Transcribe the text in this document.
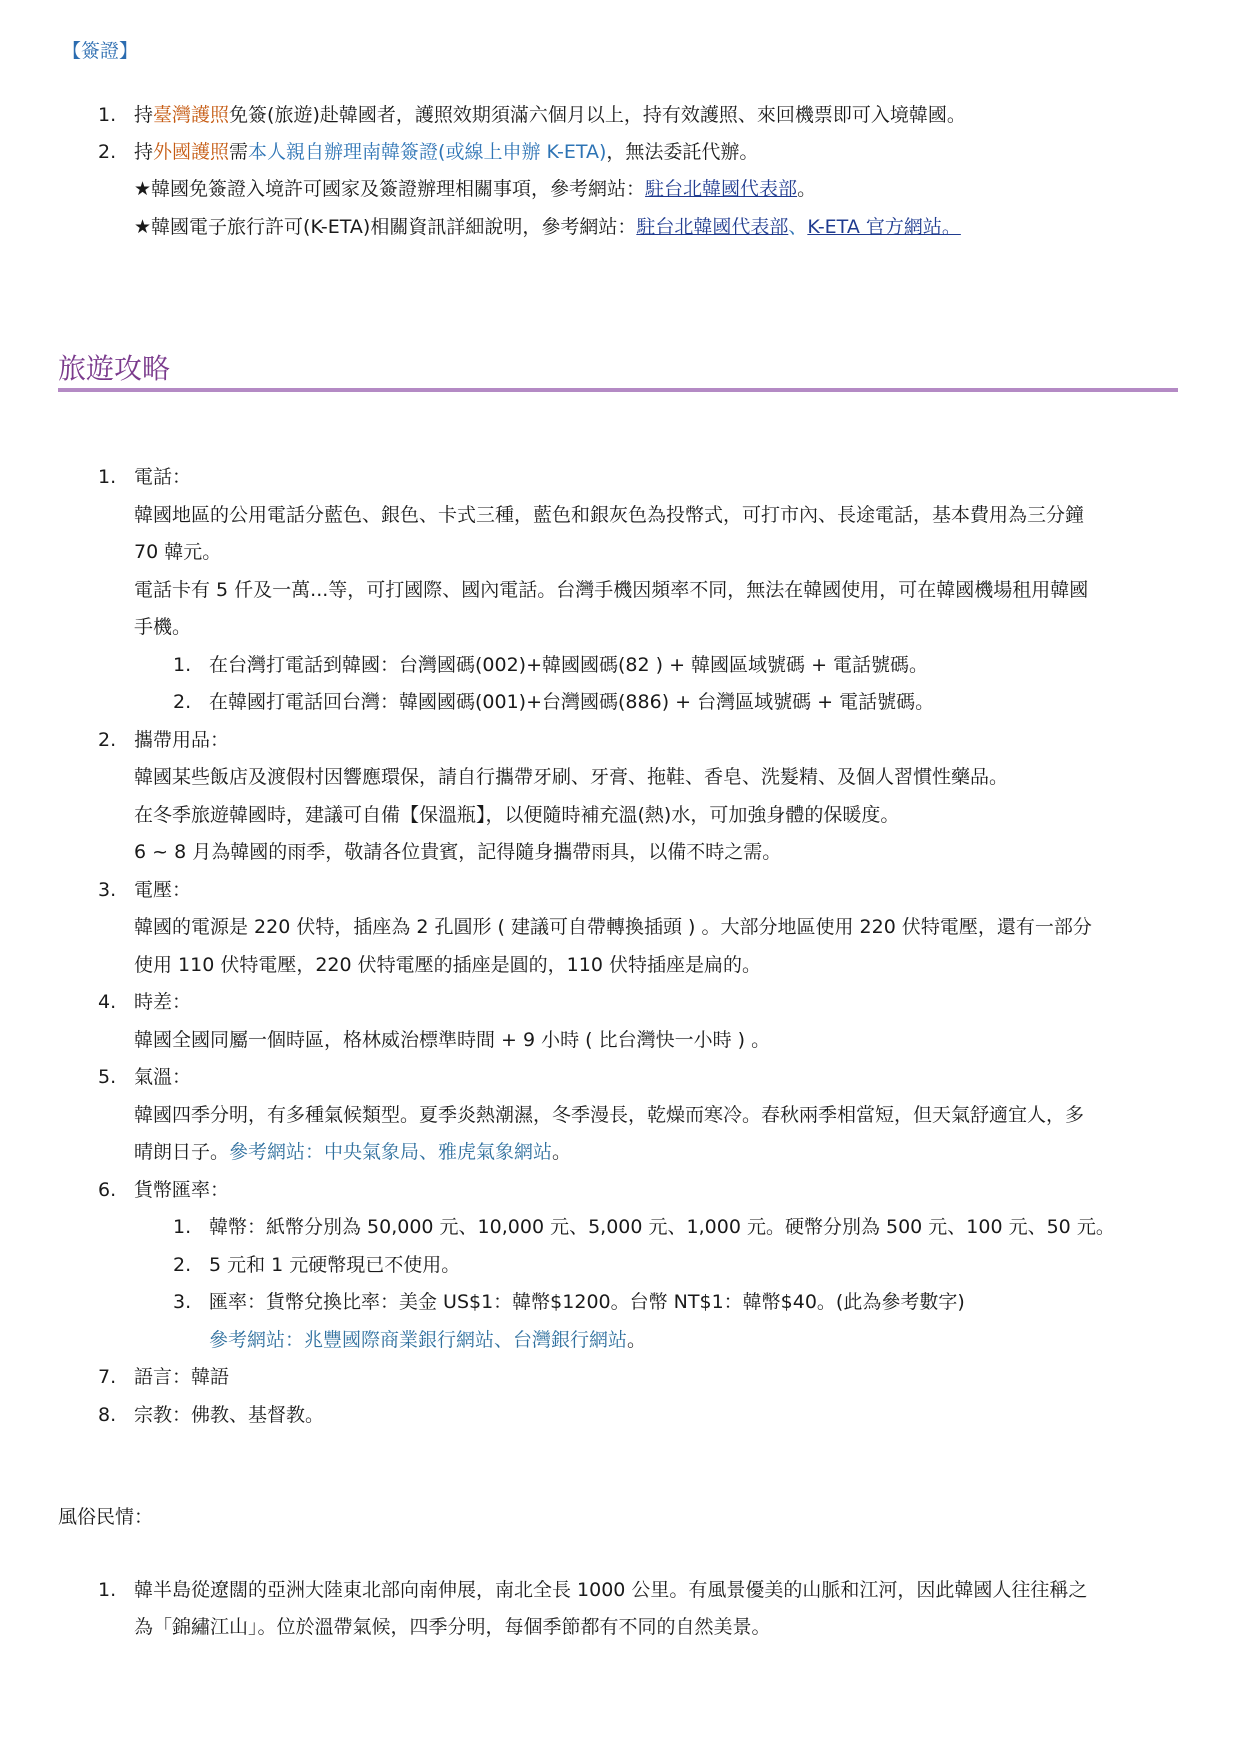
【簽證】
1. 持臺灣護照免簽(旅遊)赴韓國者，護照效期須滿六個月以上，持有效護照、來回機票即可入境韓國。
2. 持外國護照需本人親自辦理南韓簽證(或線上申辦 K-ETA)，無法委託代辦。
★韓國免簽證入境許可國家及簽證辦理相關事項，參考網站：駐台北韓國代表部。
★韓國電子旅行許可(K-ETA)相關資訊詳細說明，參考網站：駐台北韓國代表部、K-ETA 官方網站。
旅遊攻略
1. 電話：
韓國地區的公用電話分藍色、銀色、卡式三種，藍色和銀灰色為投幣式，可打市內、長途電話，基本費用為三分鐘
70 韓元。
電話卡有 5 仟及一萬...等，可打國際、國內電話。台灣手機因頻率不同，無法在韓國使用，可在韓國機場租用韓國
手機。
1. 在台灣打電話到韓國：台灣國碼(002)+韓國國碼(82 ) + 韓國區域號碼 + 電話號碼。
2. 在韓國打電話回台灣：韓國國碼(001)+台灣國碼(886) + 台灣區域號碼 + 電話號碼。
2. 攜帶用品：
韓國某些飯店及渡假村因響應環保，請自行攜帶牙刷、牙膏、拖鞋、香皂、洗髮精、及個人習慣性藥品。
在冬季旅遊韓國時，建議可自備【保溫瓶】，以便隨時補充溫(熱)水，可加強身體的保暖度。
6 ~ 8 月為韓國的雨季，敬請各位貴賓，記得隨身攜帶雨具，以備不時之需。
3. 電壓：
韓國的電源是 220 伏特，插座為 2 孔圓形 ( 建議可自帶轉換插頭 ) 。大部分地區使用 220 伏特電壓，還有一部分
使用 110 伏特電壓，220 伏特電壓的插座是圓的，110 伏特插座是扁的。
4. 時差：
韓國全國同屬一個時區，格林威治標準時間 + 9 小時 ( 比台灣快一小時 ) 。
5. 氣溫：
韓國四季分明，有多種氣候類型。夏季炎熱潮濕，冬季漫長，乾燥而寒冷。春秋兩季相當短，但天氣舒適宜人，多
晴朗日子。參考網站：中央氣象局、雅虎氣象網站。
6. 貨幣匯率：
1. 韓幣：紙幣分別為 50,000 元、10,000 元、5,000 元、1,000 元。硬幣分別為 500 元、100 元、50 元。
2. 5 元和 1 元硬幣現已不使用。
3. 匯率：貨幣兌換比率：美金 US$1：韓幣$1200。台幣 NT$1：韓幣$40。(此為參考數字)
參考網站：兆豐國際商業銀行網站、台灣銀行網站。
7. 語言：韓語
8. 宗教：佛教、基督教。
風俗民情：
1. 韓半島從遼闊的亞洲大陸東北部向南伸展，南北全長 1000 公里。有風景優美的山脈和江河，因此韓國人往往稱之
為「錦繡江山」。位於溫帶氣候，四季分明，每個季節都有不同的自然美景。
